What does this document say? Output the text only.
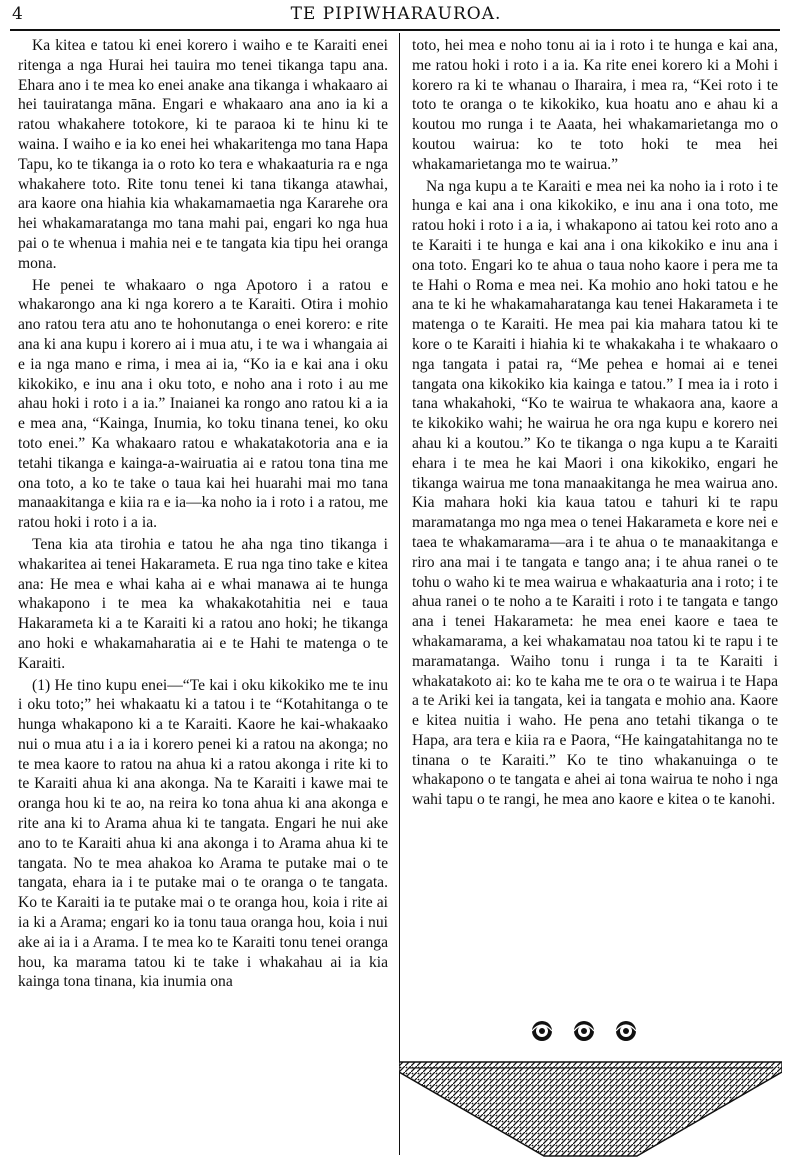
4	TE PIPIWHARAUROA.

Ka kitea e tatou ki enei korero i waiho e te Karaiti enei ritenga a nga Hurai hei tauira mo tenei tikanga tapu ana. Ehara ano i te mea ko enei anake ana tikanga i whakaaro ai hei tauiratanga māna. Engari e whakaaro ana ano ia ki a ratou whakahere totokore, ki te paraoa ki te hinu ki te waina. I waiho e ia ko enei hei whakaritenga mo tana Hapa Tapu, ko te tikanga ia o roto ko tera e whakaaturia ra e nga whakahere toto. Rite tonu tenei ki tana tikanga atawhai, ara kaore ona hiahia kia whakamamaetia nga Kararehe ora hei whakamaratanga mo tana mahi pai, engari ko nga hua pai o te whenua i mahia nei e te tangata kia tipu hei oranga mona.

He penei te whakaaro o nga Apotoro i a ratou e whakarongo ana ki nga korero a te Karaiti. Otira i mohio ano ratou tera atu ano te hohonutanga o enei korero: e rite ana ki ana kupu i korero ai i mua atu, i te wa i whangaia ai e ia nga mano e rima, i mea ai ia, “Ko ia e kai ana i oku kikokiko, e inu ana i oku toto, e noho ana i roto i au me ahau hoki i roto i a ia.” Inaianei ka rongo ano ratou ki a ia e mea ana, “Kainga, Inumia, ko toku tinana tenei, ko oku toto enei.” Ka whakaaro ratou e whakatakotoria ana e ia tetahi tikanga e kainga-a-wairuatia ai e ratou tona tina me ona toto, a ko te take o taua kai hei huarahi mai mo tana manaakitanga e kiia ra e ia—ka noho ia i roto i a ratou, me ratou hoki i roto i a ia.

Tena kia ata tirohia e tatou he aha nga tino tikanga i whakaritea ai tenei Hakarameta. E rua nga tino take e kitea ana: He mea e whai kaha ai e whai manawa ai te hunga whakapono i te mea ka whakakotahitia nei e taua Hakarameta ki a te Karaiti ki a ratou ano hoki; he tikanga ano hoki e whakamaharatia ai e te Hahi te matenga o te Karaiti.

(1) He tino kupu enei—“Te kai i oku kikokiko me te inu i oku toto;” hei whakaatu ki a tatou i te “Kotahitanga o te hunga whakapono ki a te Karaiti. Kaore he kai-whakaako nui o mua atu i a ia i korero penei ki a ratou na akonga; no te mea kaore to ratou na ahua ki a ratou akonga i rite ki to te Karaiti ahua ki ana akonga. Na te Karaiti i kawe mai te oranga hou ki te ao, na reira ko tona ahua ki ana akonga e rite ana ki to Arama ahua ki te tangata. Engari he nui ake ano to te Karaiti ahua ki ana akonga i to Arama ahua ki te tangata. No te mea ahakoa ko Arama te putake mai o te tangata, ehara ia i te putake mai o te oranga o te tangata. Ko te Karaiti ia te putake mai o te oranga hou, koia i rite ai ia ki a Arama; engari ko ia tonu taua oranga hou, koia i nui ake ai ia i a Arama. I te mea ko te Karaiti tonu tenei oranga hou, ka marama tatou ki te take i whakahau ai ia kia kainga tona tinana, kia inumia ona

toto, hei mea e noho tonu ai ia i roto i te hunga e kai ana, me ratou hoki i roto i a ia. Ka rite enei korero ki a Mohi i korero ra ki te whanau o Iharaira, i mea ra, “Kei roto i te toto te oranga o te kikokiko, kua hoatu ano e ahau ki a koutou mo runga i te Aaata, hei whakamarietanga mo o koutou wairua: ko te toto hoki te mea hei whakamarietanga mo te wairua.”

Na nga kupu a te Karaiti e mea nei ka noho ia i roto i te hunga e kai ana i ona kikokiko, e inu ana i ona toto, me ratou hoki i roto i a ia, i whakapono ai tatou kei roto ano a te Karaiti i te hunga e kai ana i ona kikokiko e inu ana i ona toto. Engari ko te ahua o taua noho kaore i pera me ta te Hahi o Roma e mea nei. Ka mohio ano hoki tatou e he ana te ki he whakamaharatanga kau tenei Hakarameta i te matenga o te Karaiti. He mea pai kia mahara tatou ki te kore o te Karaiti i hiahia ki te whakakaha i te whakaaro o nga tangata i patai ra, “Me pehea e homai ai e tenei tangata ona kikokiko kia kainga e tatou.” I mea ia i roto i tana whakahoki, “Ko te wairua te whakaora ana, kaore a te kikokiko wahi; he wairua he ora nga kupu e korero nei ahau ki a koutou.” Ko te tikanga o nga kupu a te Karaiti ehara i te mea he kai Maori i ona kikokiko, engari he tikanga wairua me tona manaakitanga he mea wairua ano. Kia mahara hoki kia kaua tatou e tahuri ki te rapu maramatanga mo nga mea o tenei Hakarameta e kore nei e taea te whakamarama—ara i te ahua o te manaakitanga e riro ana mai i te tangata e tango ana; i te ahua ranei o te tohu o waho ki te mea wairua e whakaaturia ana i roto; i te ahua ranei o te noho a te Karaiti i roto i te tangata e tango ana i tenei Hakarameta: he mea enei kaore e taea te whakamarama, a kei whakamatau noa tatou ki te rapu i te maramatanga. Waiho tonu i runga i ta te Karaiti i whakatakoto ai: ko te kaha me te ora o te wairua i te Hapa a te Ariki kei ia tangata, kei ia tangata e mohio ana. Kaore e kitea nuitia i waho. He pena ano tetahi tikanga o te Hapa, ara tera e kiia ra e Paora, “He kaingatahitanga no te tinana o te Karaiti.” Ko te tino whakanuinga o te whakapono o te tangata e ahei ai tona wairua te noho i nga wahi tapu o te rangi, he mea ano kaore e kitea o te kanohi.
